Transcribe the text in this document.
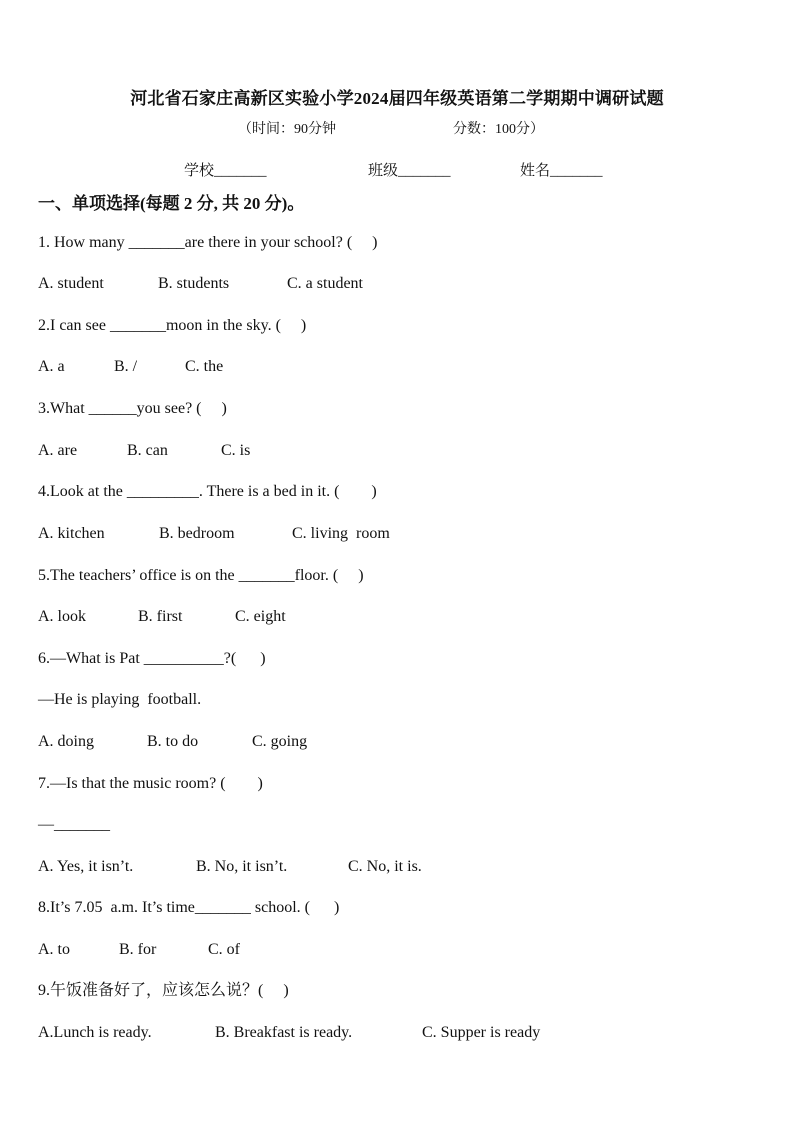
河北省石家庄高新区实验小学2024届四年级英语第二学期期中调研试题
（时间：90分钟	分数：100分）
学校_______	班级_______	姓名_______
一、单项选择(每题 2 分, 共 20 分)。
1. How many _______are there in your school? (     )
A. student	B. students	C. a student
2.I can see _______moon in the sky. (     )
A. a	B. /	C. the
3.What ______you see? (     )
A. are	B. can	C. is
4.Look at the _________. There is a bed in it. (        )
A. kitchen	B. bedroom	C. living  room
5.The teachers’ office is on the _______floor. (     )
A. look	B. first	C. eight
6.—What is Pat __________?(      )
—He is playing  football.
A. doing	B. to do	C. going
7.—Is that the music room? (        )
—_______
A. Yes, it isn’t.	B. No, it isn’t.	C. No, it is.
8.It’s 7.05  a.m. It’s time_______ school. (      )
A. to	B. for	C. of
9.午饭准备好了，应该怎么说？(     )
A.Lunch is ready.	B. Breakfast is ready.	C. Supper is ready
